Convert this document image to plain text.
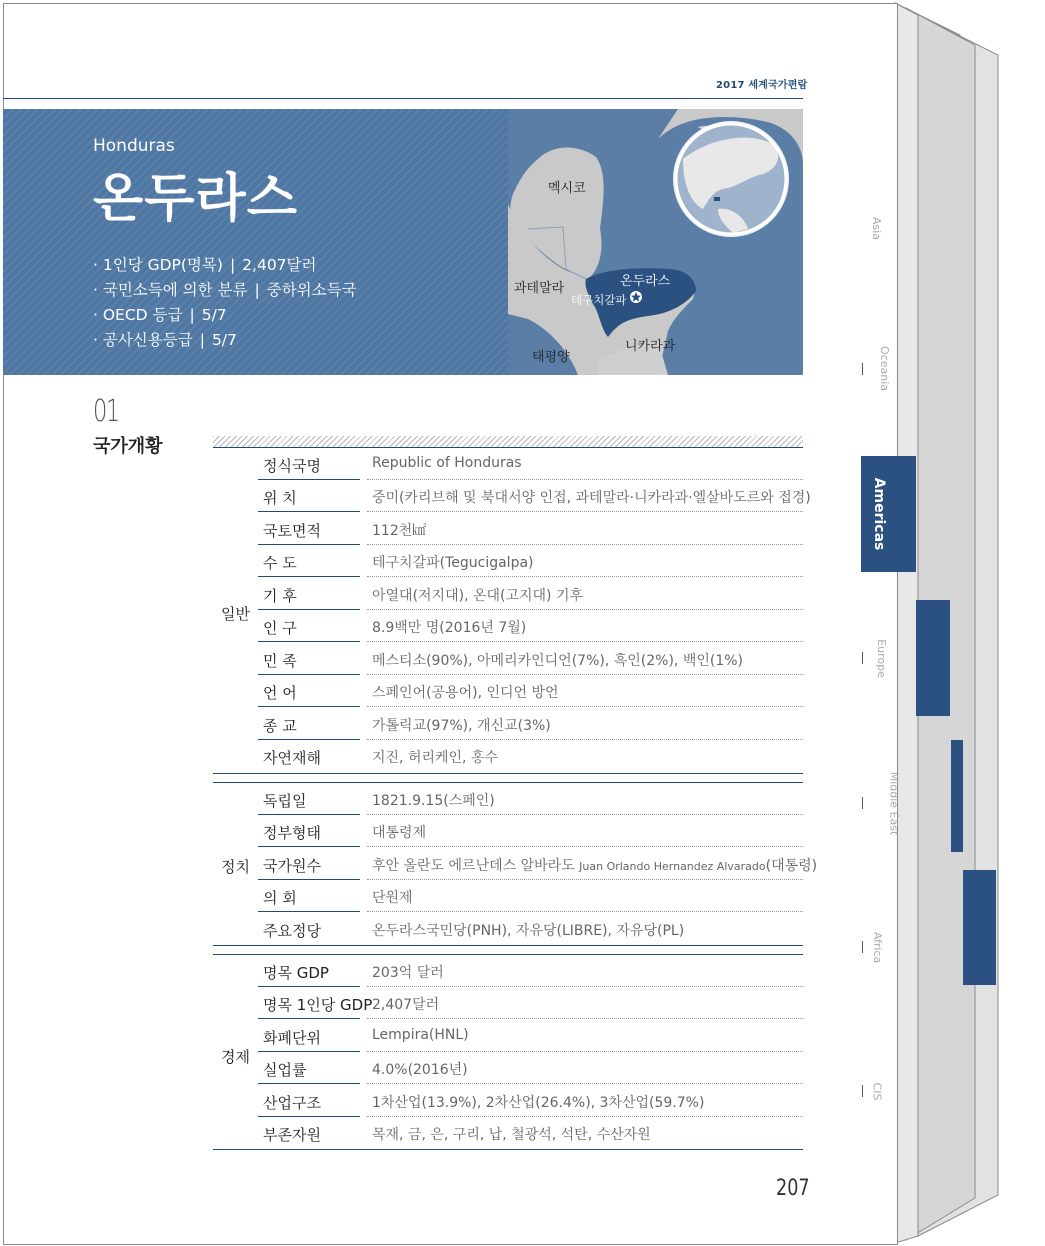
2017 세계국가편람
Honduras
온두라스
· 1인당 GDP(명목) | 2,407달러
· 국민소득에 의한 분류 | 중하위소득국
· OECD 등급 | 5/7
· 공사신용등급 | 5/7
멕시코
과테말라	온두라스
테구치갈파
니카라과
태평양
01
국가개황
일반
정식국명	Republic of Honduras
위 치	중미(카리브해 및 북대서양 인접, 과테말라·니카라과·엘살바도르와 접경)
국토면적	112천㎢
수 도	테구치갈파(Tegucigalpa)
기 후	아열대(저지대), 온대(고지대) 기후
인 구	8.9백만 명(2016년 7월)
민 족	메스티소(90%), 아메리카인디언(7%), 흑인(2%), 백인(1%)
언 어	스페인어(공용어), 인디언 방언
종 교	가톨릭교(97%), 개신교(3%)
자연재해	지진, 허리케인, 홍수
정치
독립일	1821.9.15(스페인)
정부형태	대통령제
국가원수	후안 올란도 에르난데스 알바라도 Juan Orlando Hernandez Alvarado(대통령)
의 회	단원제
주요정당	온두라스국민당(PNH), 자유당(LIBRE), 자유당(PL)
경제
명목 GDP	203억 달러
명목 1인당 GDP 2,407달러
화폐단위	Lempira(HNL)
실업률	4.0%(2016년)
산업구조	1차산업(13.9%), 2차산업(26.4%), 3차산업(59.7%)
부존자원	목재, 금, 은, 구리, 납, 철광석, 석탄, 수산자원
207
Asia
Oceania
Americas
Europe
Middle East
Africa
CIS
